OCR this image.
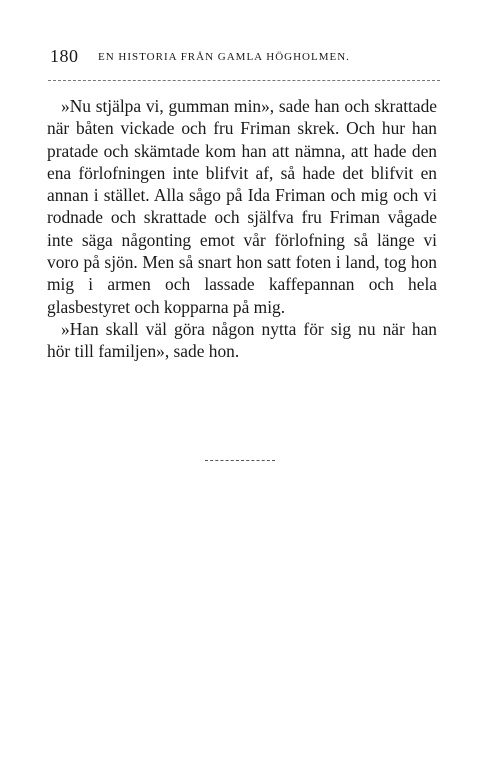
180 EN HISTORIA FRÅN GAMLA HÖGHOLMEN.

»Nu stjälpa vi, gumman min», sade han och skrattade när båten vickade och fru Friman skrek. Och hur han pratade och skämtade kom han att nämna, att hade den ena förlofningen inte blifvit af, så hade det blifvit en annan i stället. Alla sågo på Ida Friman och mig och vi rodnade och skrattade och själfva fru Friman vågade inte säga någonting emot vår förlofning så länge vi voro på sjön. Men så snart hon satt foten i land, tog hon mig i armen och lassade kaffepannan och hela glasbestyret och kopparna på mig.

»Han skall väl göra någon nytta för sig nu när han hör till familjen», sade hon.
